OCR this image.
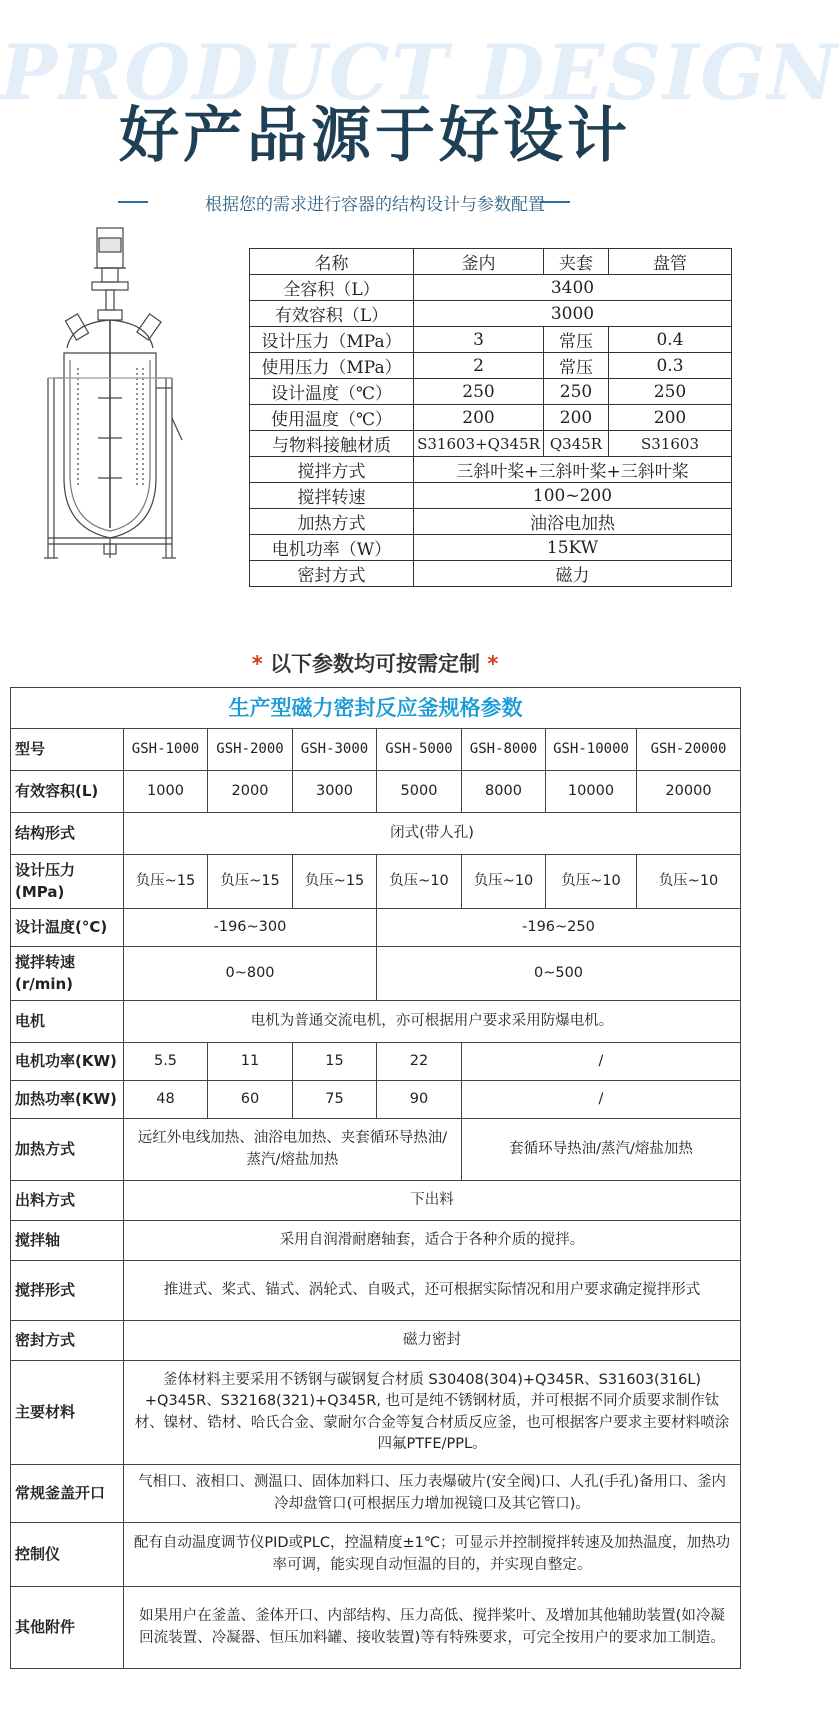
PRODUCT DESIGN
好产品源于好设计
根据您的需求进行容器的结构设计与参数配置
名称	釜内	夹套	盘管
全容积（L）	3400		
有效容积（L）	3000		
设计压力（MPa）	3	常压	0.4
使用压力（MPa）	2	常压	0.3
设计温度（℃）	250	250	250
使用温度（℃）	200	200	200
与物料接触材质	S31603+Q345R	Q345R	S31603
搅拌方式	三斜叶桨+三斜叶桨+三斜叶桨		
搅拌转速	100~200		
加热方式	油浴电加热		
电机功率（W）	15KW		
密封方式	磁力		
* 以下参数均可按需定制 *
生产型磁力密封反应釜规格参数							
型号	GSH-1000	GSH-2000	GSH-3000	GSH-5000	GSH-8000	GSH-10000	GSH-20000
有效容积(L)	1000	2000	3000	5000	8000	10000	20000
结构形式	闭式(带人孔)						
设计压力(MPa)	负压~15	负压~15	负压~15	负压~10	负压~10	负压~10	负压~10
设计温度(°C)	-196~300			-196~250			
搅拌转速(r/min)	0~800			0~500			
电机	电机为普通交流电机，亦可根据用户要求采用防爆电机。						
电机功率(KW)	5.5	11	15	22	/		
加热功率(KW)	48	60	75	90	/		
加热方式	远红外电线加热、油浴电加热、夹套循环导热油/蒸汽/熔盐加热				套循环导热油/蒸汽/熔盐加热		
出料方式	下出料						
搅拌轴	采用自润滑耐磨轴套，适合于各种介质的搅拌。						
搅拌形式	推进式、桨式、锚式、涡轮式、自吸式，还可根据实际情况和用户要求确定搅拌形式						
密封方式	磁力密封						
主要材料	釜体材料主要采用不锈钢与碳钢复合材质 S30408(304)+Q345R、S31603(316L) +Q345R、S32168(321)+Q345R, 也可是纯不锈钢材质，并可根据不同介质要求制作钛材、镍材、锆材、哈氏合金、蒙耐尔合金等复合材质反应釜，也可根据客户要求主要材料喷涂四氟PTFE/PPL。						
常规釜盖开口	气相口、液相口、测温口、固体加料口、压力表爆破片(安全阀)口、人孔(手孔)备用口、釜内冷却盘管口(可根据压力增加视镜口及其它管口)。						
控制仪	配有自动温度调节仪PID或PLC，控温精度±1℃；可显示并控制搅拌转速及加热温度，加热功率可调，能实现自动恒温的目的，并实现自整定。						
其他附件	如果用户在釜盖、釜体开口、内部结构、压力高低、搅拌桨叶、及增加其他辅助装置(如冷凝回流装置、冷凝器、恒压加料罐、接收装置)等有特殊要求，可完全按用户的要求加工制造。						
